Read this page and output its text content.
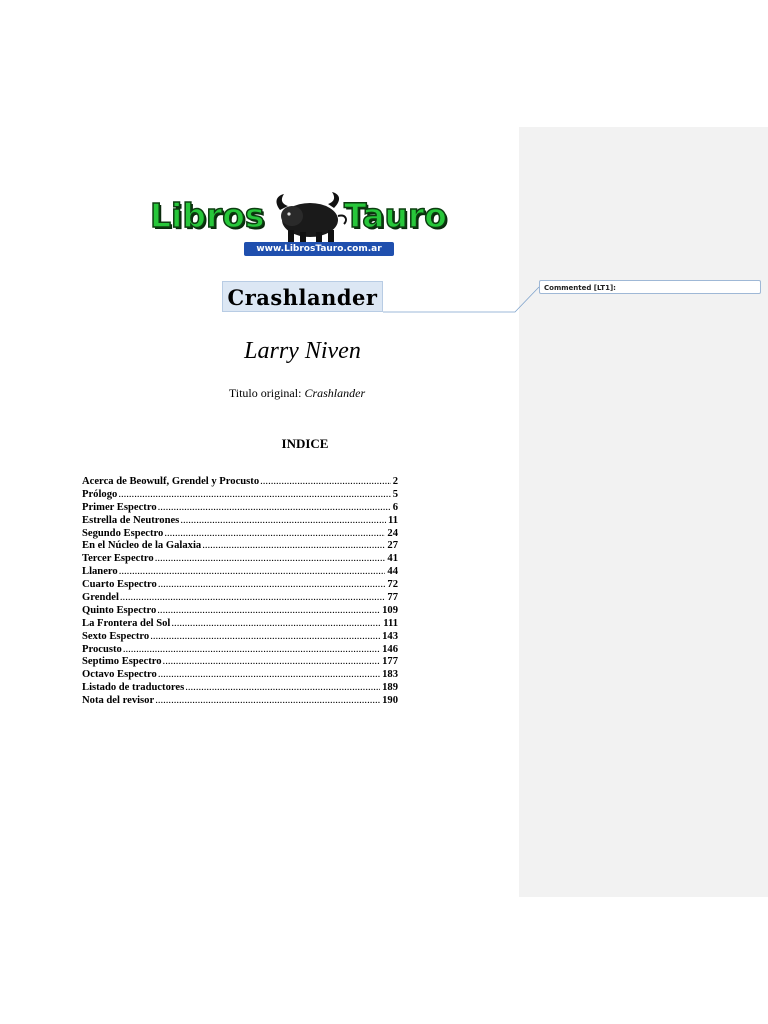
Commented [LT1]:
Libros Tauro
www.LibrosTauro.com.ar
Crashlander
Larry Niven
Titulo original: Crashlander
INDICE
Acerca de Beowulf, Grendel y Procusto .....	2
Prólogo .....	5
Primer Espectro .....	6
Estrella de Neutrones .....	11
Segundo Espectro .....	24
En el Núcleo de la Galaxia .....	27
Tercer Espectro .....	41
Llanero .....	44
Cuarto Espectro .....	72
Grendel .....	77
Quinto Espectro .....	109
La Frontera del Sol .....	111
Sexto Espectro .....	143
Procusto .....	146
Septimo Espectro .....	177
Octavo Espectro .....	183
Listado de traductores .....	189
Nota del revisor .....	190
